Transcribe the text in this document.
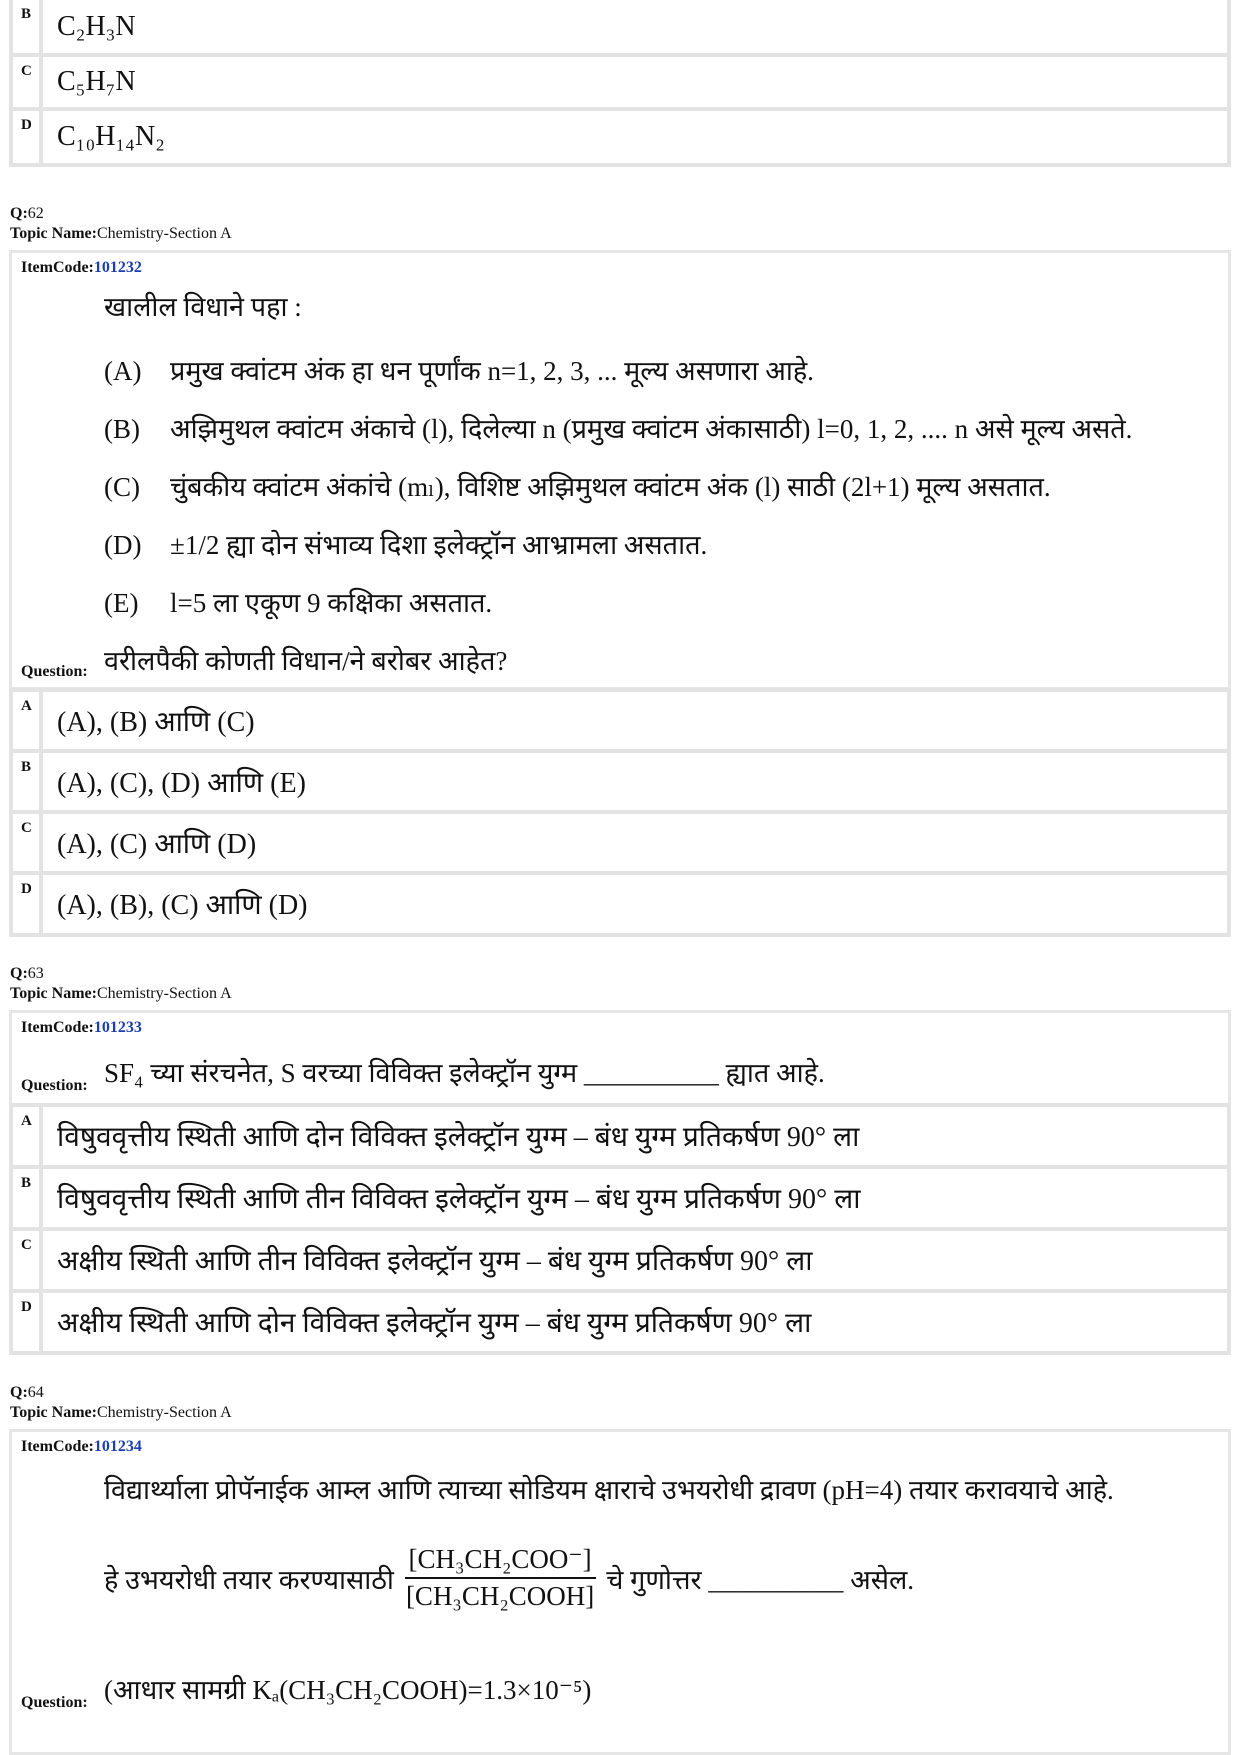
B C₂H₃N
C C₅H₇N
D C₁₀H₁₄N₂
Q:62
Topic Name:Chemistry-Section A
ItemCode:101232
खालील विधाने पहा :
(A) प्रमुख क्वांटम अंक हा धन पूर्णांक n=1, 2, 3, ... मूल्य असणारा आहे.
(B) अझिमुथल क्वांटम अंकाचे (l), दिलेल्या n (प्रमुख क्वांटम अंकासाठी) l=0, 1, 2, .... n असे मूल्य असते.
(C) चुंबकीय क्वांटम अंकांचे (mₗ), विशिष्ट अझिमुथल क्वांटम अंक (l) साठी (2l+1) मूल्य असतात.
(D) ±1/2 ह्या दोन संभाव्य दिशा इलेक्ट्रॉन आभ्रामला असतात.
(E) l=5 ला एकूण 9 कक्षिका असतात.
Question: वरीलपैकी कोणती विधान/ने बरोबर आहेत?
A
(A), (B) आणि (C)
B
(A), (C), (D) आणि (E)
C
(A), (C) आणि (D)
D
(A), (B), (C) आणि (D)
Q:63
Topic Name:Chemistry-Section A
ItemCode:101233
Question: SF₄ च्या संरचनेत, S वरच्या विविक्त इलेक्ट्रॉन युग्म __________ ह्यात आहे.
A
विषुववृत्तीय स्थिती आणि दोन विविक्त इलेक्ट्रॉन युग्म – बंध युग्म प्रतिकर्षण 90° ला
B
विषुववृत्तीय स्थिती आणि तीन विविक्त इलेक्ट्रॉन युग्म – बंध युग्म प्रतिकर्षण 90° ला
C
अक्षीय स्थिती आणि तीन विविक्त इलेक्ट्रॉन युग्म – बंध युग्म प्रतिकर्षण 90° ला
D
अक्षीय स्थिती आणि दोन विविक्त इलेक्ट्रॉन युग्म – बंध युग्म प्रतिकर्षण 90° ला
Q:64
Topic Name:Chemistry-Section A
ItemCode:101234
विद्यार्थ्याला प्रोपॅनाईक आम्ल आणि त्याच्या सोडियम क्षाराचे उभयरोधी द्रावण (pH=4) तयार करावयाचे आहे.
हे उभयरोधी तयार करण्यासाठी $\frac{\text{[CH₃CH₂COO⁻]}}{\text{[CH₃CH₂COOH]}}$ चे गुणोत्तर __________ असेल.
Question: (आधार सामग्री Kₐ(CH₃CH₂COOH)=1.3×10⁻⁵)
